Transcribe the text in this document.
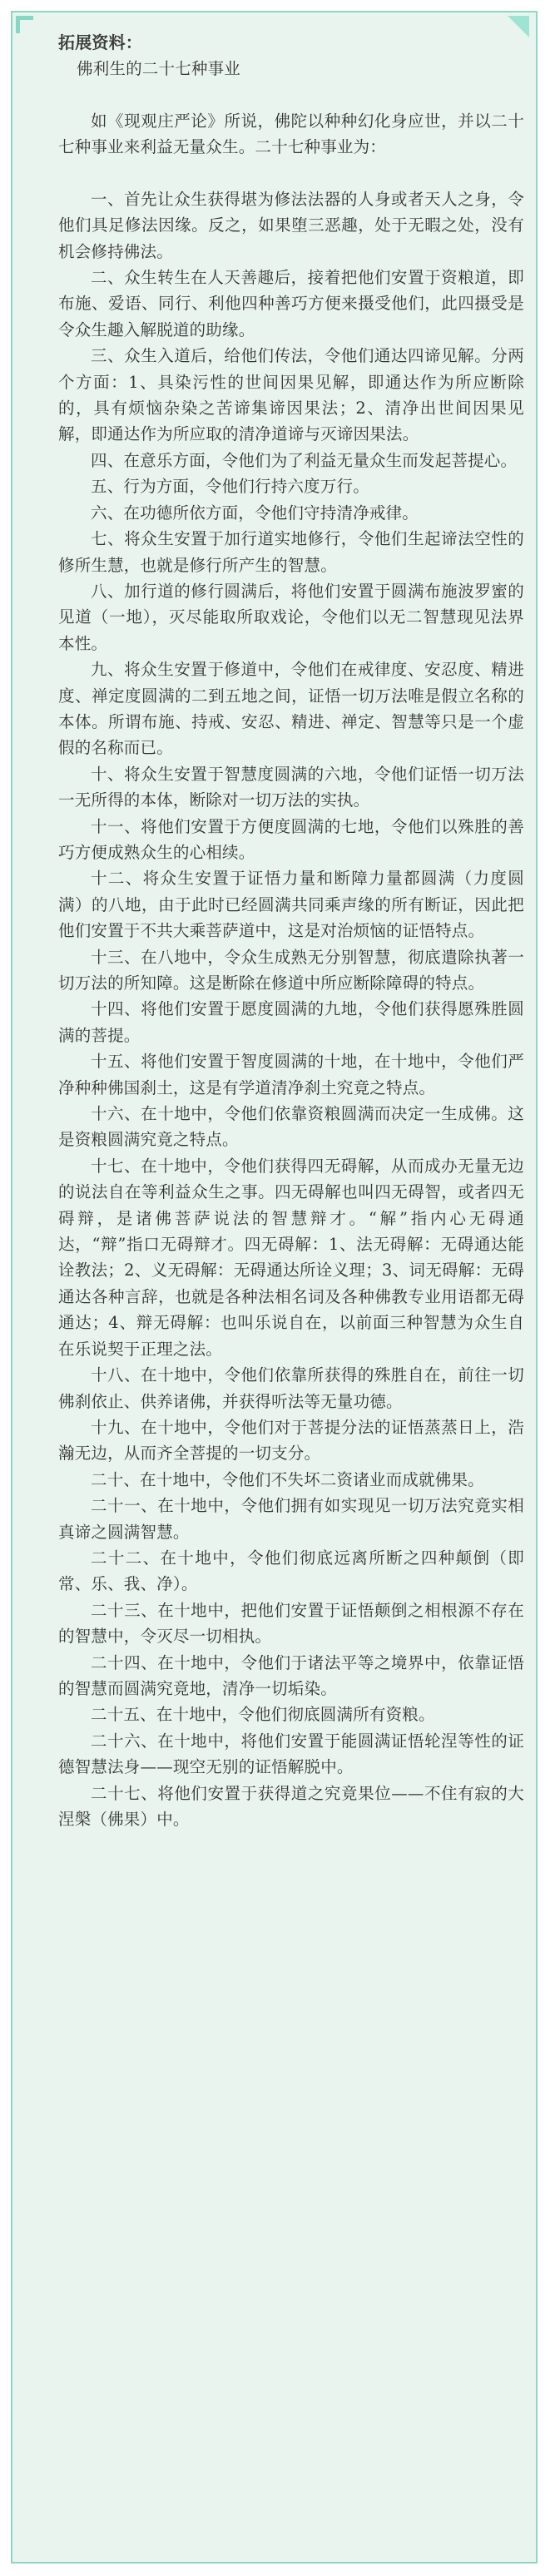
拓展资料：

佛利生的二十七种事业

如《现观庄严论》所说，佛陀以种种幻化身应世，并以二十七种事业来利益无量众生。二十七种事业为：

一、首先让众生获得堪为修法法器的人身或者天人之身，令他们具足修法因缘。反之，如果堕三恶趣，处于无暇之处，没有机会修持佛法。

二、众生转生在人天善趣后，接着把他们安置于资粮道，即布施、爱语、同行、利他四种善巧方便来摄受他们，此四摄受是令众生趣入解脱道的助缘。

三、众生入道后，给他们传法，令他们通达四谛见解。分两个方面：1、具染污性的世间因果见解，即通达作为所应断除的，具有烦恼杂染之苦谛集谛因果法；2、清净出世间因果见解，即通达作为所应取的清净道谛与灭谛因果法。

四、在意乐方面，令他们为了利益无量众生而发起菩提心。

五、行为方面，令他们行持六度万行。

六、在功德所依方面，令他们守持清净戒律。

七、将众生安置于加行道实地修行，令他们生起谛法空性的修所生慧，也就是修行所产生的智慧。

八、加行道的修行圆满后，将他们安置于圆满布施波罗蜜的见道（一地），灭尽能取所取戏论，令他们以无二智慧现见法界本性。

九、将众生安置于修道中，令他们在戒律度、安忍度、精进度、禅定度圆满的二到五地之间，证悟一切万法唯是假立名称的本体。所谓布施、持戒、安忍、精进、禅定、智慧等只是一个虚假的名称而已。

十、将众生安置于智慧度圆满的六地，令他们证悟一切万法一无所得的本体，断除对一切万法的实执。

十一、将他们安置于方便度圆满的七地，令他们以殊胜的善巧方便成熟众生的心相续。

十二、将众生安置于证悟力量和断障力量都圆满（力度圆满）的八地，由于此时已经圆满共同乘声缘的所有断证，因此把他们安置于不共大乘菩萨道中，这是对治烦恼的证悟特点。

十三、在八地中，令众生成熟无分别智慧，彻底遣除执著一切万法的所知障。这是断除在修道中所应断除障碍的特点。

十四、将他们安置于愿度圆满的九地，令他们获得愿殊胜圆满的菩提。

十五、将他们安置于智度圆满的十地，在十地中，令他们严净种种佛国刹土，这是有学道清净刹土究竟之特点。

十六、在十地中，令他们依靠资粮圆满而决定一生成佛。这是资粮圆满究竟之特点。

十七、在十地中，令他们获得四无碍解，从而成办无量无边的说法自在等利益众生之事。四无碍解也叫四无碍智，或者四无碍辩，是诸佛菩萨说法的智慧辩才。“解”指内心无碍通达，“辩”指口无碍辩才。四无碍解：1、法无碍解：无碍通达能诠教法；2、义无碍解：无碍通达所诠义理；3、词无碍解：无碍通达各种言辞，也就是各种法相名词及各种佛教专业用语都无碍通达；4、辩无碍解：也叫乐说自在，以前面三种智慧为众生自在乐说契于正理之法。

十八、在十地中，令他们依靠所获得的殊胜自在，前往一切佛刹依止、供养诸佛，并获得听法等无量功德。

十九、在十地中，令他们对于菩提分法的证悟蒸蒸日上，浩瀚无边，从而齐全菩提的一切支分。

二十、在十地中，令他们不失坏二资诸业而成就佛果。

二十一、在十地中，令他们拥有如实现见一切万法究竟实相真谛之圆满智慧。

二十二、在十地中，令他们彻底远离所断之四种颠倒（即常、乐、我、净）。

二十三、在十地中，把他们安置于证悟颠倒之相根源不存在的智慧中，令灭尽一切相执。

二十四、在十地中，令他们于诸法平等之境界中，依靠证悟的智慧而圆满究竟地，清净一切垢染。

二十五、在十地中，令他们彻底圆满所有资粮。

二十六、在十地中，将他们安置于能圆满证悟轮涅等性的证德智慧法身——现空无别的证悟解脱中。

二十七、将他们安置于获得道之究竟果位——不住有寂的大涅槃（佛果）中。
